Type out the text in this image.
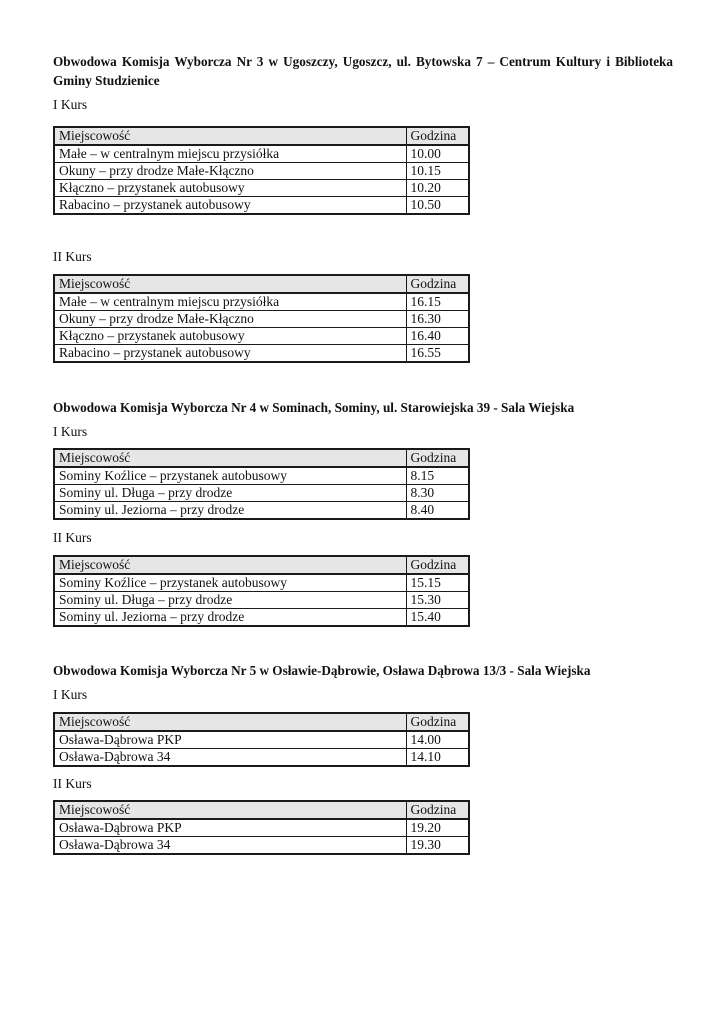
Obwodowa Komisja Wyborcza Nr 3 w Ugoszczy, Ugoszcz, ul. Bytowska 7 – Centrum Kultury i Biblioteka Gminy Studzienice
I Kurs
Miejscowość	Godzina
Małe – w centralnym miejscu przysiółka	10.00
Okuny – przy drodze Małe-Kłączno	10.15
Kłączno – przystanek autobusowy	10.20
Rabacino – przystanek autobusowy	10.50
II Kurs
Miejscowość	Godzina
Małe – w centralnym miejscu przysiółka	16.15
Okuny – przy drodze Małe-Kłączno	16.30
Kłączno – przystanek autobusowy	16.40
Rabacino – przystanek autobusowy	16.55
Obwodowa Komisja Wyborcza Nr 4 w Sominach, Sominy, ul. Starowiejska 39 - Sala Wiejska
I Kurs
Miejscowość	Godzina
Sominy Koźlice – przystanek autobusowy	8.15
Sominy ul. Długa – przy drodze	8.30
Sominy ul. Jeziorna – przy drodze	8.40
II Kurs
Miejscowość	Godzina
Sominy Koźlice – przystanek autobusowy	15.15
Sominy ul. Długa – przy drodze	15.30
Sominy ul. Jeziorna – przy drodze	15.40
Obwodowa Komisja Wyborcza Nr 5 w Osławie-Dąbrowie, Osława Dąbrowa 13/3 - Sala Wiejska
I Kurs
Miejscowość	Godzina
Osława-Dąbrowa PKP	14.00
Osława-Dąbrowa 34	14.10
II Kurs
Miejscowość	Godzina
Osława-Dąbrowa PKP	19.20
Osława-Dąbrowa 34	19.30
